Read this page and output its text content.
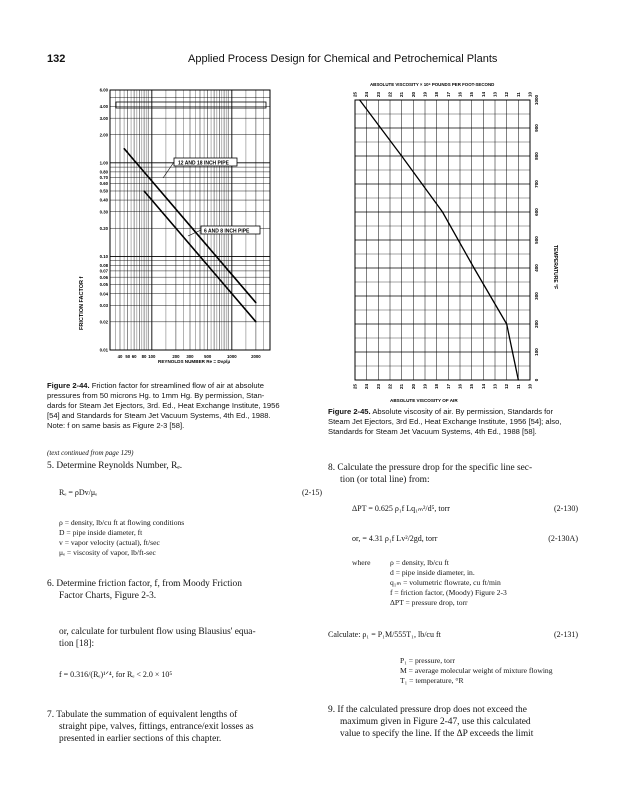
132	Applied Process Design for Chemical and Petrochemical Plants
6.00
4.00
3.00
2.00
1.00
0.80
0.70
0.60
0.50
0.40
0.30
0.20
0.10
0.08
0.07
0.06
0.05
0.04
0.03
0.02
0.01
40 50 60 80 100	200 300 500	1000	2000
FRICTION FACTOR f
REYNOLDS NUMBER Re = Dvρ/μ
12 AND 18 INCH PIPE
6 AND 8 INCH PIPE
ABSOLUTE VISCOSITY × 10⁶ POUNDS PER FOOT-SECOND
25 24 23 22 21 20 19 18 17 16 15 14 13 12 11 10
25 24 23 22 21 20 19 18 17 16 15 14 13 12 11 10
1000
900
800
700
600
500
400
300
200
100
0
TEMPERATURE °F
ABSOLUTE VISCOSITY OF AIR
Figure 2-44. Friction factor for streamlined flow of air at absolute
pressures from 50 microns Hg. to 1mm Hg. By permission, Stan-
dards for Steam Jet Ejectors, 3rd. Ed., Heat Exchange Institute, 1956
[54] and Standards for Steam Jet Vacuum Systems, 4th Ed., 1988.
Note: f on same basis as Figure 2-3 [58].
Figure 2-45. Absolute viscosity of air. By permission, Standards for
Steam Jet Ejectors, 3rd Ed., Heat Exchange Institute, 1956 [54]; also,
Standards for Steam Jet Vacuum Systems, 4th Ed., 1988 [58].
(text continued from page 129)
5. Determine Reynolds Number, Rₑ.
Rₑ = ρDv/μₑ	(2-15)
ρ = density, lb/cu ft at flowing conditions
D = pipe inside diameter, ft
v = vapor velocity (actual), ft/sec
μₑ = viscosity of vapor, lb/ft-sec
6. Determine friction factor, f, from Moody Friction
Factor Charts, Figure 2-3.
or, calculate for turbulent flow using Blausius' equa-
tion [18]:
f = 0.316/(Rₑ)¹ᐟ⁴, for Rₑ < 2.0 × 10⁵
7. Tabulate the summation of equivalent lengths of
straight pipe, valves, fittings, entrance/exit losses as
presented in earlier sections of this chapter.
8. Calculate the pressure drop for the specific line sec-
tion (or total line) from:
ΔPT = 0.625 ρ₁f Lq₁ₘ²/d⁵, torr	(2-130)
or, = 4.31 ρ₁f Lv²/2gd, torr	(2-130A)
where	ρ = density, lb/cu ft
d = pipe inside diameter, in.
q₁ₘ = volumetric flowrate, cu ft/min
f = friction factor, (Moody) Figure 2-3
ΔPT = pressure drop, torr
Calculate: ρ₁ = P₁M/555T₁, lb/cu ft	(2-131)
P₁ = pressure, torr
M = average molecular weight of mixture flowing
T₁ = temperature, °R
9. If the calculated pressure drop does not exceed the
maximum given in Figure 2-47, use this calculated
value to specify the line. If the ΔP exceeds the limit
